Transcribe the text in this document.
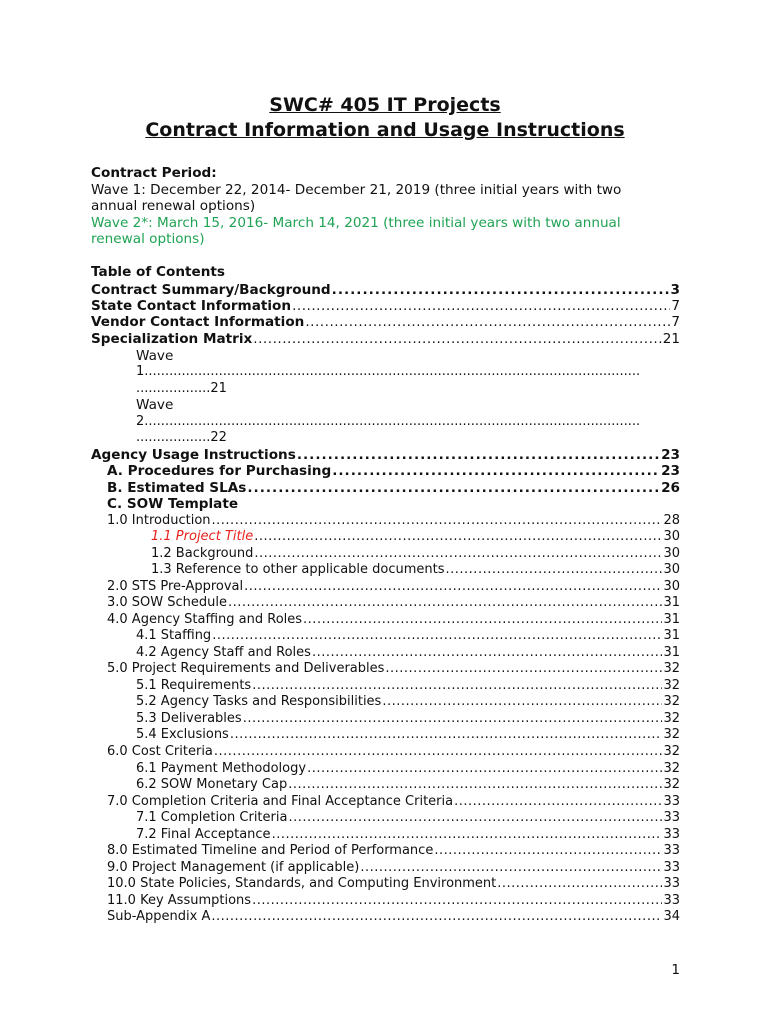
SWC# 405 IT Projects
Contract Information and Usage Instructions
Contract Period:
Wave 1: December 22, 2014- December 21, 2019 (three initial years with two
annual renewal options)
Wave 2*: March 15, 2016- March 14, 2021 (three initial years with two annual
renewal options)
Table of Contents
Contract Summary/Background .....	3
State Contact Information .....	7
Vendor Contact Information .....	7
Specialization Matrix .....	21
Wave
1........................................................................................................................
..................21
Wave
2........................................................................................................................
..................22
Agency Usage Instructions .....	23
A. Procedures for Purchasing .....	23
B. Estimated SLAs .....	26
C. SOW Template
1.0 Introduction .....	28
1.1 Project Title .....	30
1.2 Background .....	30
1.3 Reference to other applicable documents .....	30
2.0 STS Pre-Approval .....	30
3.0 SOW Schedule .....	31
4.0 Agency Staffing and Roles .....	31
4.1 Staffing .....	31
4.2 Agency Staff and Roles .....	31
5.0 Project Requirements and Deliverables .....	32
5.1 Requirements .....	32
5.2 Agency Tasks and Responsibilities .....	32
5.3 Deliverables .....	32
5.4 Exclusions .....	32
6.0 Cost Criteria .....	32
6.1 Payment Methodology .....	32
6.2 SOW Monetary Cap .....	32
7.0 Completion Criteria and Final Acceptance Criteria .....	33
7.1 Completion Criteria .....	33
7.2 Final Acceptance .....	33
8.0 Estimated Timeline and Period of Performance .....	33
9.0 Project Management (if applicable) .....	33
10.0 State Policies, Standards, and Computing Environment .....	33
11.0 Key Assumptions .....	33
Sub-Appendix A .....	34
1
